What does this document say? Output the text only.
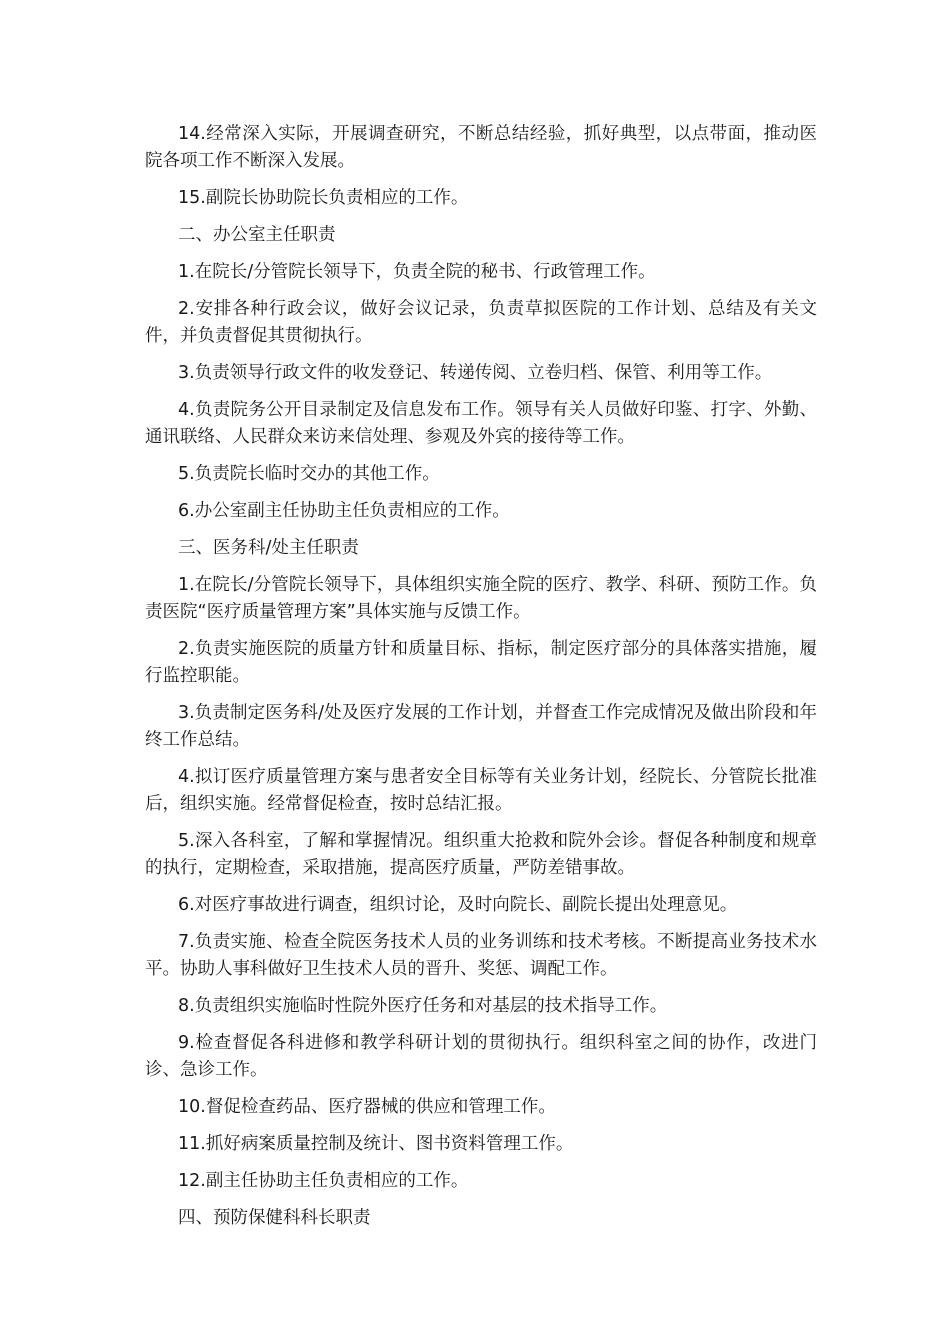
14.经常深入实际，开展调查研究，不断总结经验，抓好典型，以点带面，推动医院各项工作不断深入发展。

15.副院长协助院长负责相应的工作。

二、办公室主任职责

1.在院长/分管院长领导下，负责全院的秘书、行政管理工作。

2.安排各种行政会议，做好会议记录，负责草拟医院的工作计划、总结及有关文件，并负责督促其贯彻执行。

3.负责领导行政文件的收发登记、转递传阅、立卷归档、保管、利用等工作。

4.负责院务公开目录制定及信息发布工作。领导有关人员做好印鉴、打字、外勤、通讯联络、人民群众来访来信处理、参观及外宾的接待等工作。

5.负责院长临时交办的其他工作。

6.办公室副主任协助主任负责相应的工作。

三、医务科/处主任职责

1.在院长/分管院长领导下，具体组织实施全院的医疗、教学、科研、预防工作。负责医院“医疗质量管理方案”具体实施与反馈工作。

2.负责实施医院的质量方针和质量目标、指标，制定医疗部分的具体落实措施，履行监控职能。

3.负责制定医务科/处及医疗发展的工作计划，并督查工作完成情况及做出阶段和年终工作总结。

4.拟订医疗质量管理方案与患者安全目标等有关业务计划，经院长、分管院长批准后，组织实施。经常督促检查，按时总结汇报。

5.深入各科室，了解和掌握情况。组织重大抢救和院外会诊。督促各种制度和规章的执行，定期检查，采取措施，提高医疗质量，严防差错事故。

6.对医疗事故进行调查，组织讨论，及时向院长、副院长提出处理意见。

7.负责实施、检查全院医务技术人员的业务训练和技术考核。不断提高业务技术水平。协助人事科做好卫生技术人员的晋升、奖惩、调配工作。

8.负责组织实施临时性院外医疗任务和对基层的技术指导工作。

9.检查督促各科进修和教学科研计划的贯彻执行。组织科室之间的协作，改进门诊、急诊工作。

10.督促检查药品、医疗器械的供应和管理工作。

11.抓好病案质量控制及统计、图书资料管理工作。

12.副主任协助主任负责相应的工作。

四、预防保健科科长职责
